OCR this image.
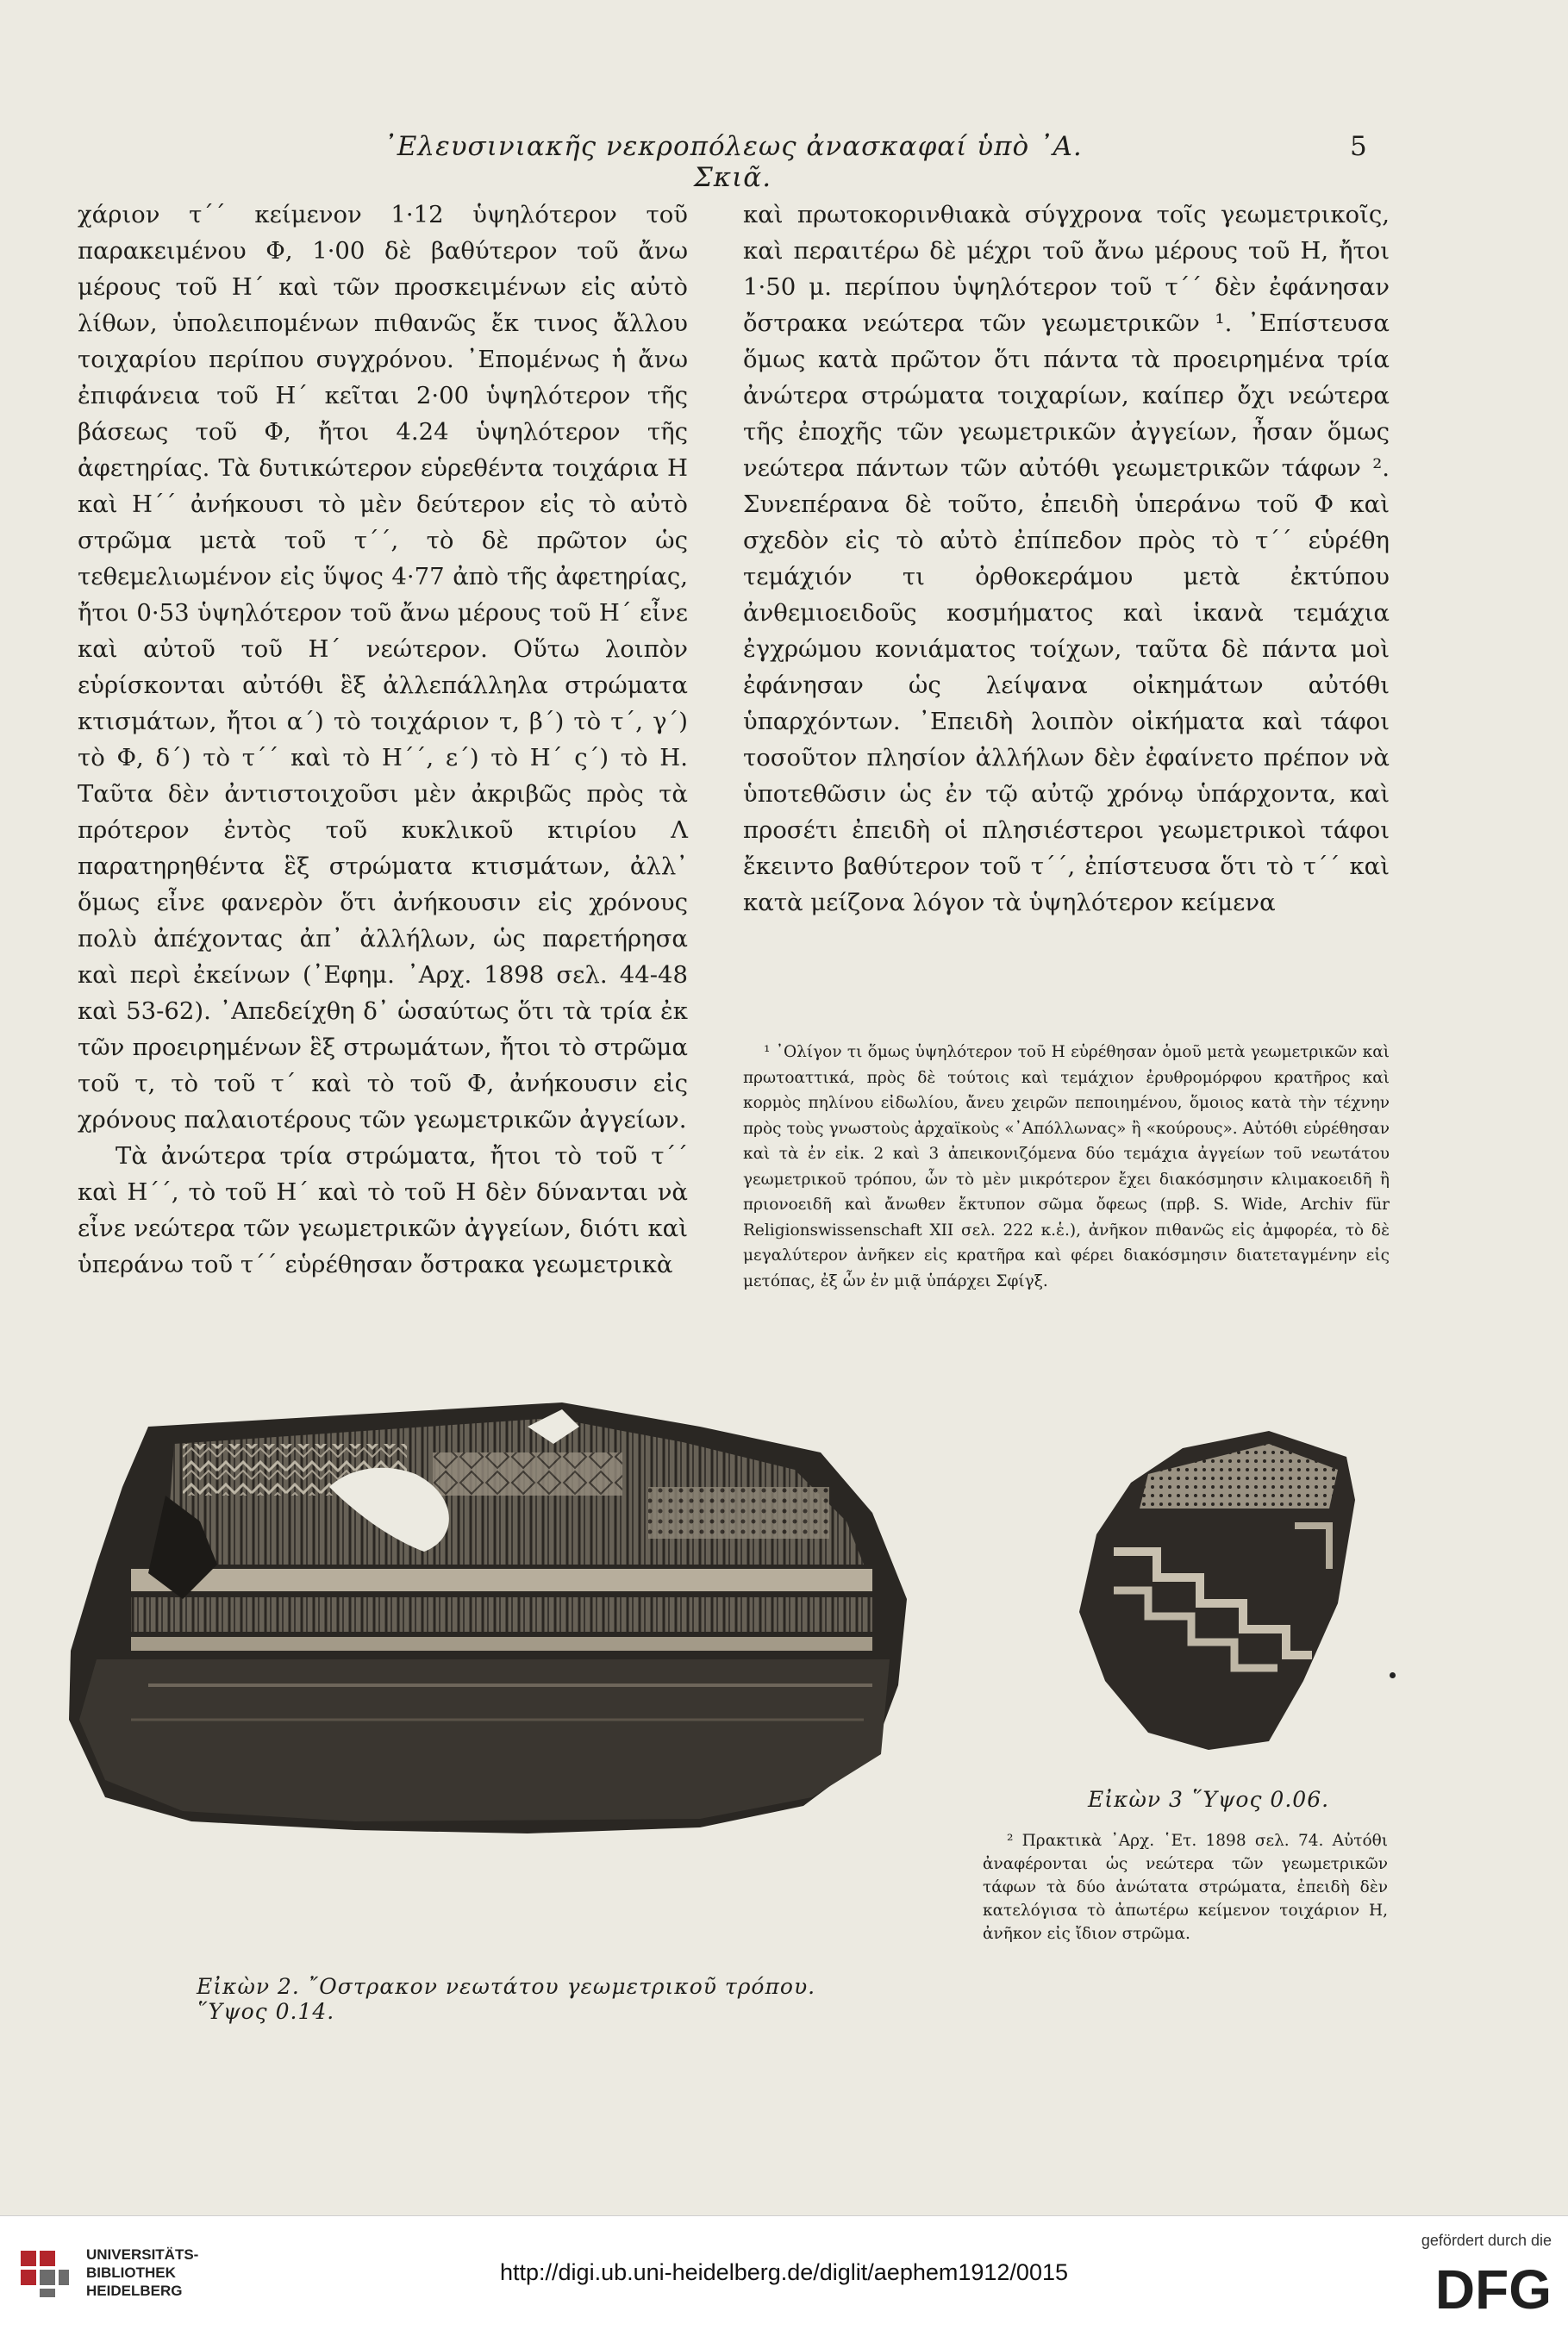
᾽Ελευσινιακῆς νεκροπόλεως ἀνασκαφαί ὑπὸ ᾽Α. Σκιᾶ.
5

χάριον τ´´ κείμενον 1·12 ὑψηλότερον τοῦ παρακειμένου Φ, 1·00 δὲ βαθύτερον τοῦ ἄνω μέρους τοῦ Η´ καὶ τῶν προσκειμένων εἰς αὐτὸ λίθων, ὑπολειπομένων πιθανῶς ἔκ τινος ἄλλου τοιχαρίου περίπου συγχρόνου. ᾽Επομένως ἡ ἄνω ἐπιφάνεια τοῦ Η´ κεῖται 2·00 ὑψηλότερον τῆς βάσεως τοῦ Φ, ἤτοι 4.24 ὑψηλότερον τῆς ἀφετηρίας. Τὰ δυτικώτερον εὑρεθέντα τοιχάρια Η καὶ Η´´ ἀνήκουσι τὸ μὲν δεύτερον εἰς τὸ αὐτὸ στρῶμα μετὰ τοῦ τ´´, τὸ δὲ πρῶτον ὡς τεθεμελιωμένον εἰς ὕψος 4·77 ἀπὸ τῆς ἀφετηρίας, ἤτοι 0·53 ὑψηλότερον τοῦ ἄνω μέρους τοῦ Η´ εἶνε καὶ αὐτοῦ τοῦ Η´ νεώτερον. Οὕτω λοιπὸν εὑρίσκονται αὐτόθι ἓξ ἀλλεπάλληλα στρώματα κτισμάτων, ἤτοι α´) τὸ τοιχάριον τ, β´) τὸ τ´, γ´) τὸ Φ, δ´) τὸ τ´´ καὶ τὸ Η´´, ε´) τὸ Η´ ς´) τὸ Η. Ταῦτα δὲν ἀντιστοιχοῦσι μὲν ἀκριβῶς πρὸς τὰ πρότερον ἐντὸς τοῦ κυκλικοῦ κτιρίου Λ παρατηρηθέντα ἓξ στρώματα κτισμάτων, ἀλλ᾽ ὅμως εἶνε φανερὸν ὅτι ἀνήκουσιν εἰς χρόνους πολὺ ἀπέχοντας ἀπ᾽ ἀλλήλων, ὡς παρετήρησα καὶ περὶ ἐκείνων (᾽Εφημ. ᾽Αρχ. 1898 σελ. 44-48 καὶ 53-62). ᾽Απεδείχθη δ᾽ ὡσαύτως ὅτι τὰ τρία ἐκ τῶν προειρημένων ἓξ στρωμάτων, ἤτοι τὸ στρῶμα τοῦ τ, τὸ τοῦ τ´ καὶ τὸ τοῦ Φ, ἀνήκουσιν εἰς χρόνους παλαιοτέρους τῶν γεωμετρικῶν ἀγγείων.

Τὰ ἀνώτερα τρία στρώματα, ἤτοι τὸ τοῦ τ´´ καὶ Η´´, τὸ τοῦ Η´ καὶ τὸ τοῦ Η δὲν δύνανται νὰ εἶνε νεώτερα τῶν γεωμετρικῶν ἀγγείων, διότι καὶ ὑπεράνω τοῦ τ´´ εὑρέθησαν ὄστρακα γεωμετρικὰ

καὶ πρωτοκορινθιακὰ σύγχρονα τοῖς γεωμετρικοῖς, καὶ περαιτέρω δὲ μέχρι τοῦ ἄνω μέρους τοῦ Η, ἤτοι 1·50 μ. περίπου ὑψηλότερον τοῦ τ´´ δὲν ἐφάνησαν ὄστρακα νεώτερα τῶν γεωμετρικῶν ¹. ᾽Επίστευσα ὅμως κατὰ πρῶτον ὅτι πάντα τὰ προειρημένα τρία ἀνώτερα στρώματα τοιχαρίων, καίπερ ὄχι νεώτερα τῆς ἐποχῆς τῶν γεωμετρικῶν ἀγγείων, ἦσαν ὅμως νεώτερα πάντων τῶν αὐτόθι γεωμετρικῶν τάφων ². Συνεπέρανα δὲ τοῦτο, ἐπειδὴ ὑπεράνω τοῦ Φ καὶ σχεδὸν εἰς τὸ αὐτὸ ἐπίπεδον πρὸς τὸ τ´´ εὑρέθη τεμάχιόν τι ὀρθοκεράμου μετὰ ἐκτύπου ἀνθεμιοειδοῦς κοσμήματος καὶ ἱκανὰ τεμάχια ἐγχρώμου κονιάματος τοίχων, ταῦτα δὲ πάντα μοὶ ἐφάνησαν ὡς λείψανα οἰκημάτων αὐτόθι ὑπαρχόντων. ᾽Επειδὴ λοιπὸν οἰκήματα καὶ τάφοι τοσοῦτον πλησίον ἀλλήλων δὲν ἐφαίνετο πρέπον νὰ ὑποτεθῶσιν ὡς ἐν τῷ αὐτῷ χρόνῳ ὑπάρχοντα, καὶ προσέτι ἐπειδὴ οἱ πλησιέστεροι γεωμετρικοὶ τάφοι ἔκειντο βαθύτερον τοῦ τ´´, ἐπίστευσα ὅτι τὸ τ´´ καὶ κατὰ μείζονα λόγον τὰ ὑψηλότερον κείμενα

¹ ᾽Ολίγον τι ὅμως ὑψηλότερον τοῦ Η εὑρέθησαν ὁμοῦ μετὰ γεωμετρικῶν καὶ πρωτοαττικά, πρὸς δὲ τούτοις καὶ τεμάχιον ἐρυθρομόρφου κρατῆρος καὶ κορμὸς πηλίνου εἰδωλίου, ἄνευ χειρῶν πεποιημένου, ὅμοιος κατὰ τὴν τέχνην πρὸς τοὺς γνωστοὺς ἀρχαϊκοὺς «᾽Απόλλωνας» ἢ «κούρους». Αὐτόθι εὑρέθησαν καὶ τὰ ἐν εἰκ. 2 καὶ 3 ἀπεικονιζόμενα δύο τεμάχια ἀγγείων τοῦ νεωτάτου γεωμετρικοῦ τρόπου, ὧν τὸ μὲν μικρότερον ἔχει διακόσμησιν κλιμακοειδῆ ἢ πριονοειδῆ καὶ ἄνωθεν ἔκτυπον σῶμα ὄφεως (πρβ. S. Wide, Archiv für Religionswissenschaft XII σελ. 222 κ.ἑ.), ἀνῆκον πιθανῶς εἰς ἀμφορέα, τὸ δὲ μεγαλύτερον ἀνῆκεν εἰς κρατῆρα καὶ φέρει διακόσμησιν διατεταγμένην εἰς μετόπας, ἐξ ὧν ἐν μιᾷ ὑπάρχει Σφίγξ.

Εἰκὼν 3 ῞Υψος 0.06.
Εἰκὼν 2. ῎Οστρακον νεωτάτου γεωμετρικοῦ τρόπου. ῞Υψος 0.14.

² Πρακτικὰ ᾽Αρχ. ῾Ετ. 1898 σελ. 74. Αὐτόθι ἀναφέρονται ὡς νεώτερα τῶν γεωμετρικῶν τάφων τὰ δύο ἀνώτατα στρώματα, ἐπειδὴ δὲν κατελόγισα τὸ ἀπωτέρω κείμενον τοιχάριον Η, ἀνῆκον εἰς ἴδιον στρῶμα.

UNIVERSITÄTS-
BIBLIOTHEK
HEIDELBERG
http://digi.ub.uni-heidelberg.de/diglit/aephem1912/0015
gefördert durch die
DFG
